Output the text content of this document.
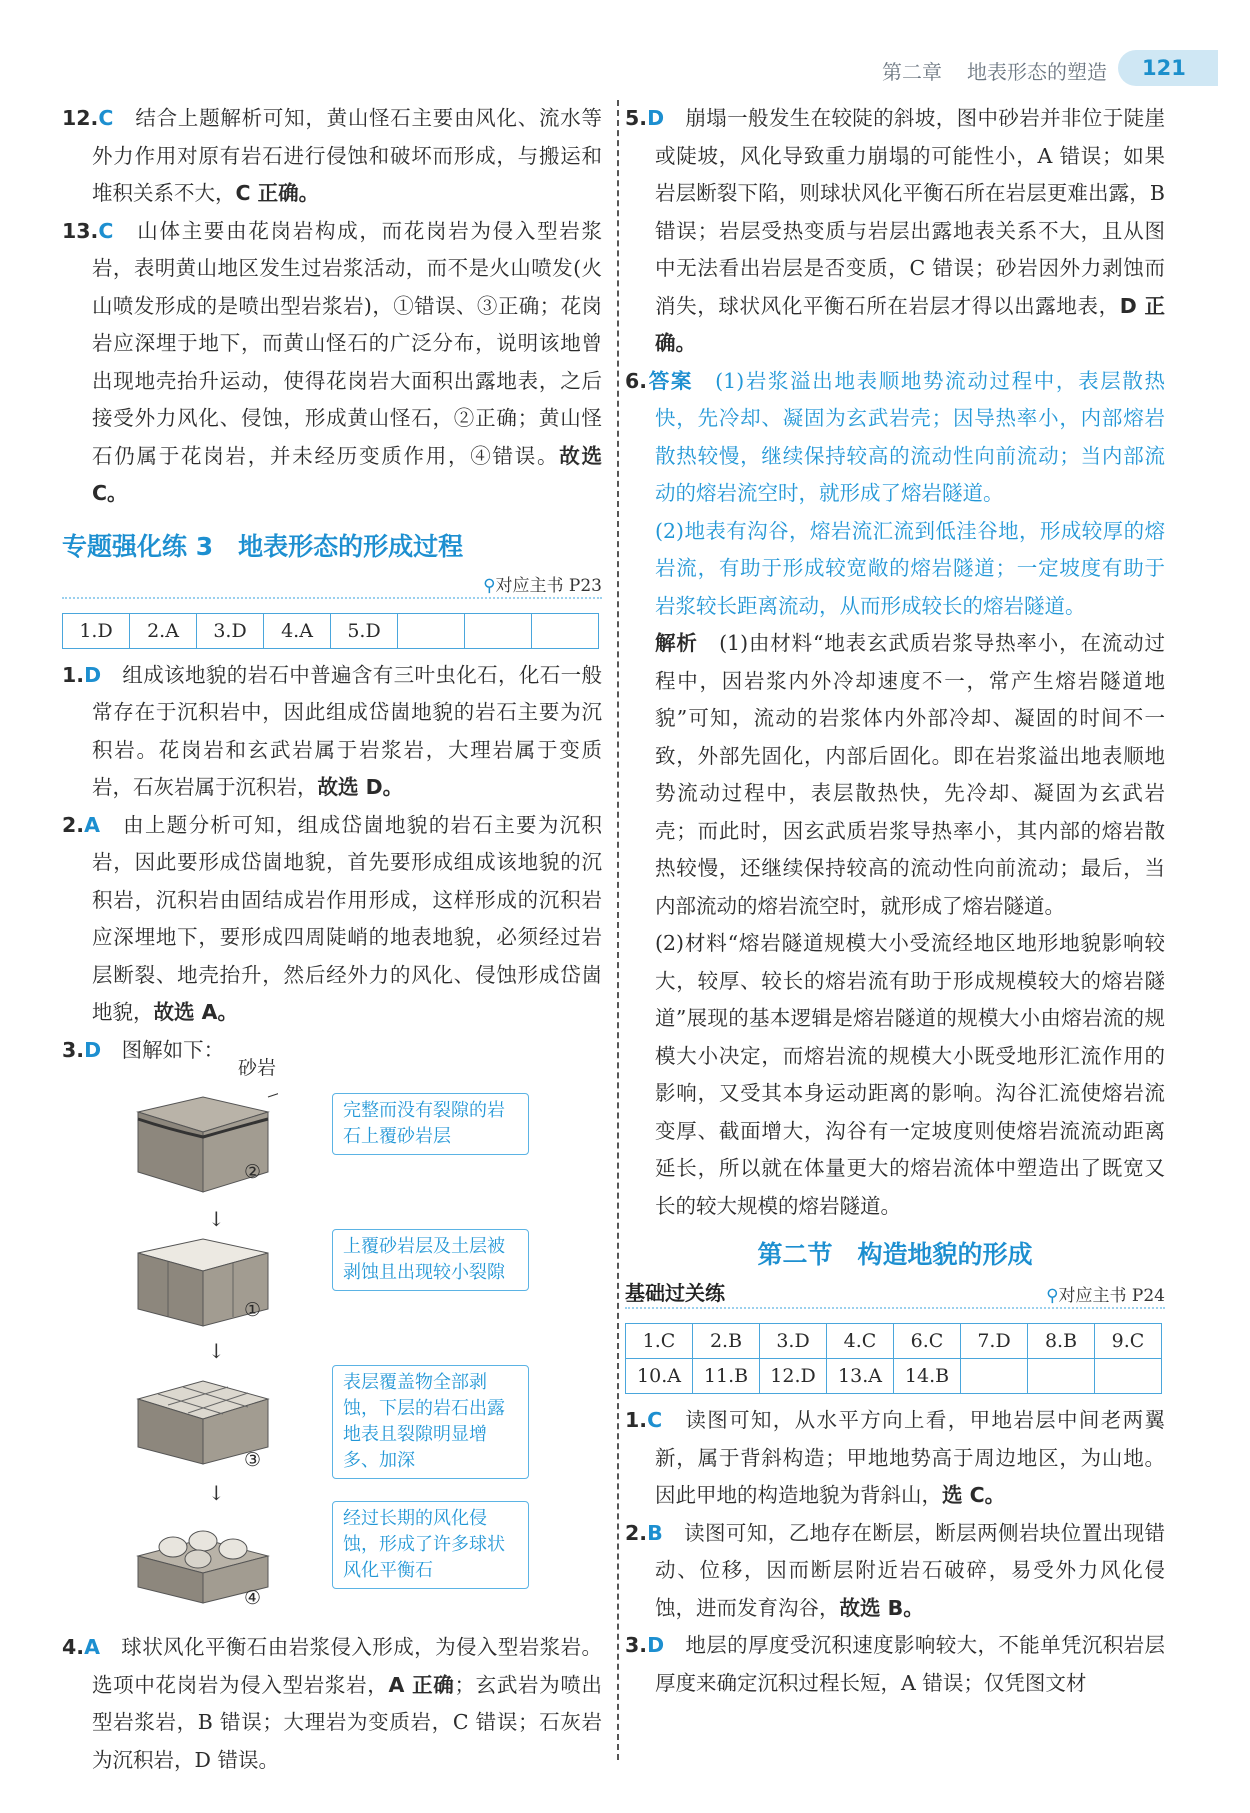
第二章 地表形态的塑造	121

12.C　 结合上题解析可知，黄山怪石主要由风化、流水等外力作用对原有岩石进行侵蚀和破坏而形成，与搬运和堆积关系不大，C 正确。

13.C　 山体主要由花岗岩构成，而花岗岩为侵入型岩浆岩，表明黄山地区发生过岩浆活动，而不是火山喷发(火山喷发形成的是喷出型岩浆岩)，①错误、③正确；花岗岩应深埋于地下，而黄山怪石的广泛分布，说明该地曾出现地壳抬升运动，使得花岗岩大面积出露地表，之后接受外力风化、侵蚀，形成黄山怪石，②正确；黄山怪石仍属于花岗岩，并未经历变质作用，④错误。故选 C。

专题强化练 3　地表形态的形成过程
⚲对应主书 P23
1.D	2.A	3.D	4.A	5.D			

1.D　 组成该地貌的岩石中普遍含有三叶虫化石，化石一般常存在于沉积岩中，因此组成岱崮地貌的岩石主要为沉积岩。花岗岩和玄武岩属于岩浆岩，大理岩属于变质岩，石灰岩属于沉积岩，故选 D。

2.A　 由上题分析可知，组成岱崮地貌的岩石主要为沉积岩，因此要形成岱崮地貌，首先要形成组成该地貌的沉积岩，沉积岩由固结成岩作用形成，这样形成的沉积岩应深埋地下，要形成四周陡峭的地表地貌，必须经过岩层断裂、地壳抬升，然后经外力的风化、侵蚀形成岱崮地貌，故选 A。

3.D　 图解如下：

砂岩
②
完整而没有裂隙的岩石上覆砂岩层
↓
①
上覆砂岩层及土层被剥蚀且出现较小裂隙
↓
③
表层覆盖物全部剥蚀，下层的岩石出露地表且裂隙明显增多、加深
↓
④
经过长期的风化侵蚀，形成了许多球状风化平衡石

4.A　 球状风化平衡石由岩浆侵入形成，为侵入型岩浆岩。选项中花岗岩为侵入型岩浆岩，A 正确；玄武岩为喷出型岩浆岩，B 错误；大理岩为变质岩，C 错误；石灰岩为沉积岩，D 错误。

5.D　 崩塌一般发生在较陡的斜坡，图中砂岩并非位于陡崖或陡坡，风化导致重力崩塌的可能性小，A 错误；如果岩层断裂下陷，则球状风化平衡石所在岩层更难出露，B 错误；岩层受热变质与岩层出露地表关系不大，且从图中无法看出岩层是否变质，C 错误；砂岩因外力剥蚀而消失，球状风化平衡石所在岩层才得以出露地表，D 正确。

6.答案　 (1)岩浆溢出地表顺地势流动过程中，表层散热快，先冷却、凝固为玄武岩壳；因导热率小，内部熔岩散热较慢，继续保持较高的流动性向前流动；当内部流动的熔岩流空时，就形成了熔岩隧道。

(2)地表有沟谷，熔岩流汇流到低洼谷地，形成较厚的熔岩流，有助于形成较宽敞的熔岩隧道；一定坡度有助于岩浆较长距离流动，从而形成较长的熔岩隧道。

解析　 (1)由材料“地表玄武质岩浆导热率小，在流动过程中，因岩浆内外冷却速度不一，常产生熔岩隧道地貌”可知，流动的岩浆体内外部冷却、凝固的时间不一致，外部先固化，内部后固化。即在岩浆溢出地表顺地势流动过程中，表层散热快，先冷却、凝固为玄武岩壳；而此时，因玄武质岩浆导热率小，其内部的熔岩散热较慢，还继续保持较高的流动性向前流动；最后，当内部流动的熔岩流空时，就形成了熔岩隧道。

(2)材料“熔岩隧道规模大小受流经地区地形地貌影响较大，较厚、较长的熔岩流有助于形成规模较大的熔岩隧道”展现的基本逻辑是熔岩隧道的规模大小由熔岩流的规模大小决定，而熔岩流的规模大小既受地形汇流作用的影响，又受其本身运动距离的影响。沟谷汇流使熔岩流变厚、截面增大，沟谷有一定坡度则使熔岩流流动距离延长，所以就在体量更大的熔岩流体中塑造出了既宽又长的较大规模的熔岩隧道。

第二节　构造地貌的形成
基础过关练	⚲对应主书 P24
1.C	2.B	3.D	4.C	6.C	7.D	8.B	9.C
10.A	11.B	12.D	13.A	14.B			

1.C　 读图可知，从水平方向上看，甲地岩层中间老两翼新，属于背斜构造；甲地地势高于周边地区，为山地。因此甲地的构造地貌为背斜山，选 C。

2.B　 读图可知，乙地存在断层，断层两侧岩块位置出现错动、位移，因而断层附近岩石破碎，易受外力风化侵蚀，进而发育沟谷，故选 B。

3.D　 地层的厚度受沉积速度影响较大，不能单凭沉积岩层厚度来确定沉积过程长短，A 错误；仅凭图文材
